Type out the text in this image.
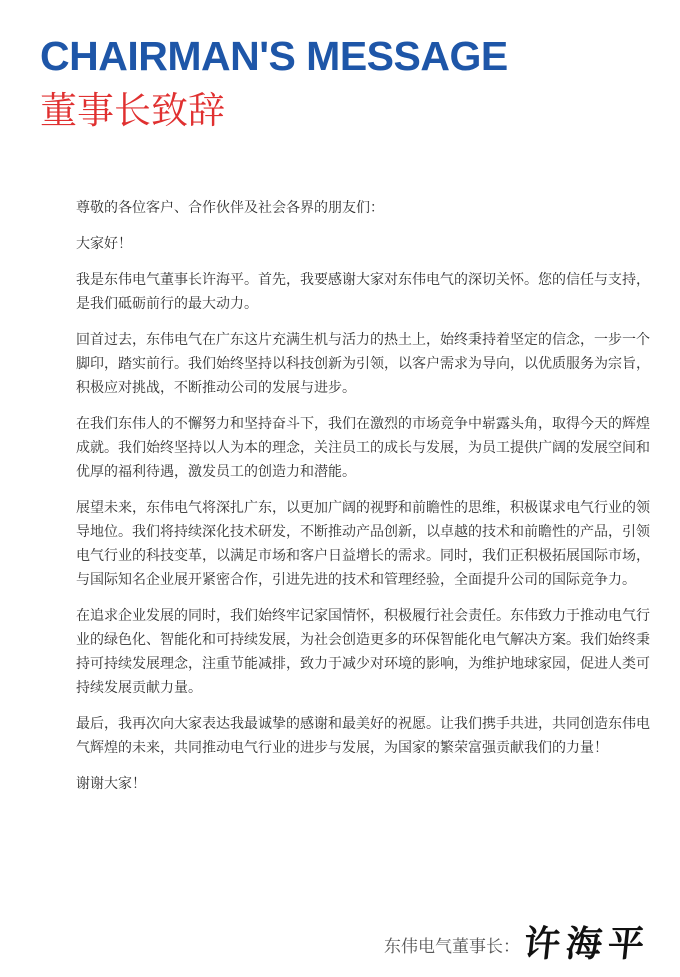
CHAIRMAN'S MESSAGE
董事长致辞

尊敬的各位客户、合作伙伴及社会各界的朋友们：

大家好！

我是东伟电气董事长许海平。首先，我要感谢大家对东伟电气的深切关怀。您的信任与支持，是我们砥砺前行的最大动力。

回首过去，东伟电气在广东这片充满生机与活力的热土上，始终秉持着坚定的信念，一步一个脚印，踏实前行。我们始终坚持以科技创新为引领，以客户需求为导向，以优质服务为宗旨，积极应对挑战，不断推动公司的发展与进步。

在我们东伟人的不懈努力和坚持奋斗下，我们在激烈的市场竞争中崭露头角，取得今天的辉煌成就。我们始终坚持以人为本的理念，关注员工的成长与发展，为员工提供广阔的发展空间和优厚的福利待遇，激发员工的创造力和潜能。

展望未来，东伟电气将深扎广东，以更加广阔的视野和前瞻性的思维，积极谋求电气行业的领导地位。我们将持续深化技术研发，不断推动产品创新，以卓越的技术和前瞻性的产品，引领电气行业的科技变革，以满足市场和客户日益增长的需求。同时，我们正积极拓展国际市场，与国际知名企业展开紧密合作，引进先进的技术和管理经验，全面提升公司的国际竞争力。

在追求企业发展的同时，我们始终牢记家国情怀，积极履行社会责任。东伟致力于推动电气行业的绿色化、智能化和可持续发展，为社会创造更多的环保智能化电气解决方案。我们始终秉持可持续发展理念，注重节能减排，致力于减少对环境的影响，为维护地球家园，促进人类可持续发展贡献力量。

最后，我再次向大家表达我最诚挚的感谢和最美好的祝愿。让我们携手共进，共同创造东伟电气辉煌的未来，共同推动电气行业的进步与发展，为国家的繁荣富强贡献我们的力量！

谢谢大家！

东伟电气董事长： 许海平
